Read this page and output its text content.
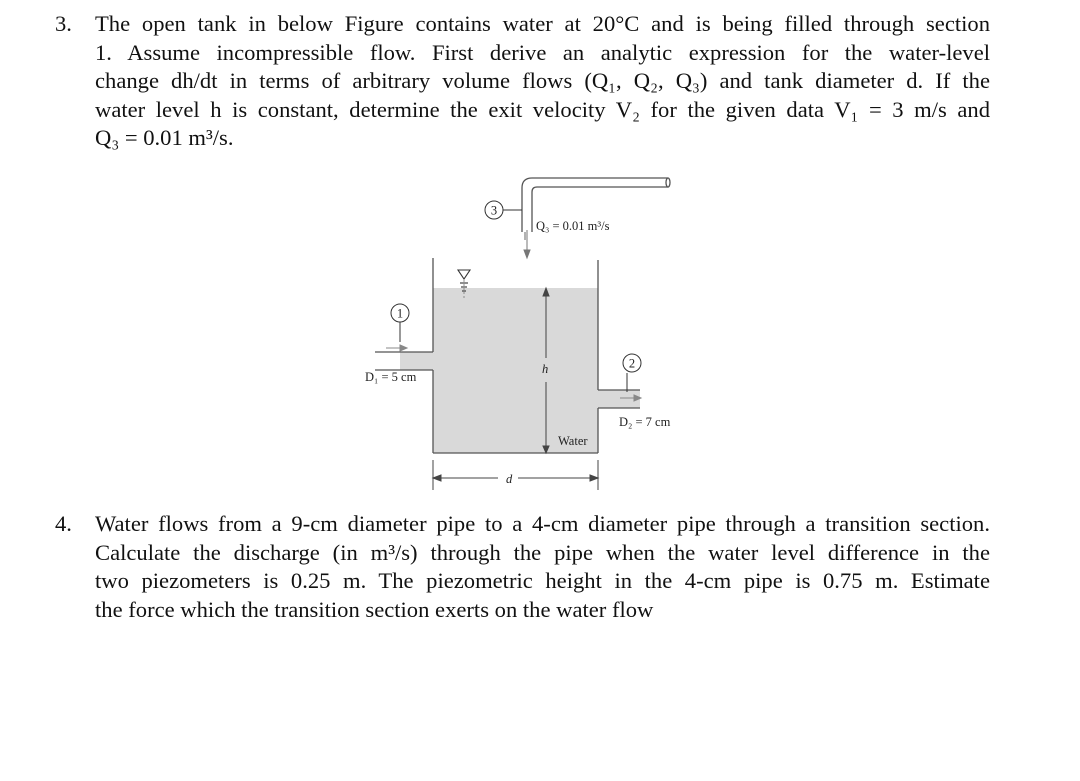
3. The open tank in below Figure contains water at 20°C and is being filled through section
1. Assume incompressible flow. First derive an analytic expression for the water-level
change dh/dt in terms of arbitrary volume flows (Q₁, Q₂, Q₃) and tank diameter d. If the
water level h is constant, determine the exit velocity V₂ for the given data V₁ = 3 m/s and
Q₃ = 0.01 m³/s.
h
Water
d
1
2
3
Q₃ = 0.01 m³/s
D₁ = 5 cm
D₂ = 7 cm
4. Water flows from a 9-cm diameter pipe to a 4-cm diameter pipe through a transition section.
Calculate the discharge (in m³/s) through the pipe when the water level difference in the
two piezometers is 0.25 m. The piezometric height in the 4-cm pipe is 0.75 m. Estimate
the force which the transition section exerts on the water flow
